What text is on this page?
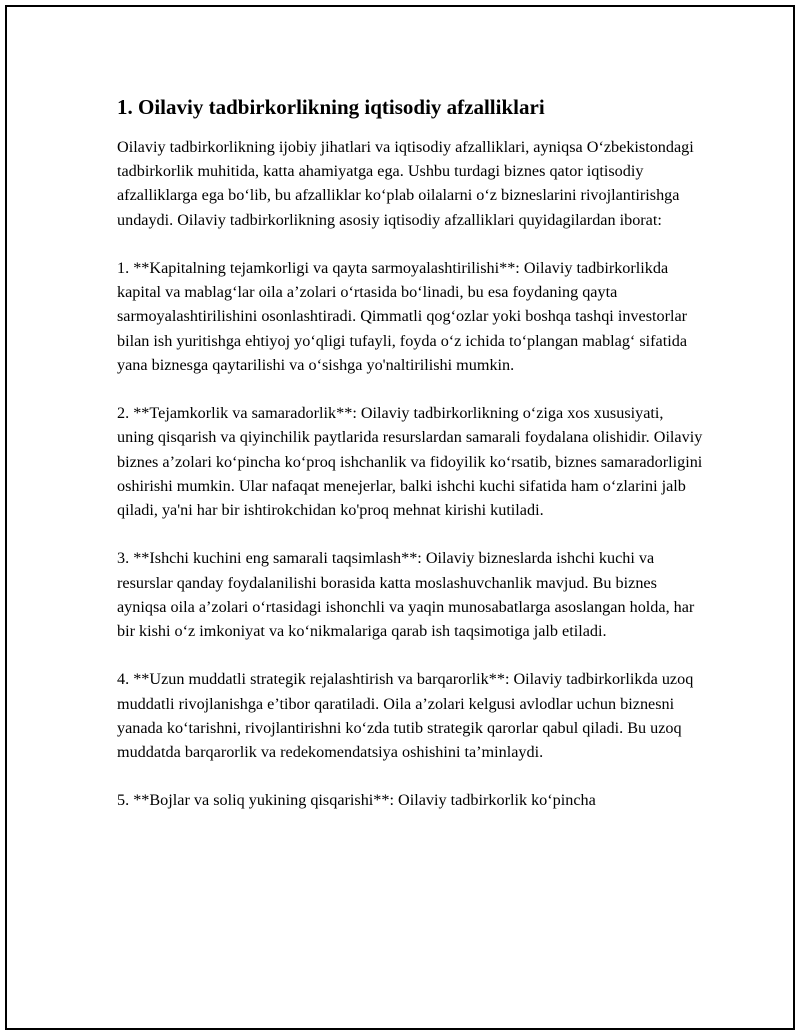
1. Oilaviy tadbirkorlikning iqtisodiy afzalliklari

Oilaviy tadbirkorlikning ijobiy jihatlari va iqtisodiy afzalliklari, ayniqsa O‘zbekistondagi tadbirkorlik muhitida, katta ahamiyatga ega. Ushbu turdagi biznes qator iqtisodiy afzalliklarga ega bo‘lib, bu afzalliklar ko‘plab oilalarni o‘z bizneslarini rivojlantirishga undaydi. Oilaviy tadbirkorlikning asosiy iqtisodiy afzalliklari quyidagilardan iborat:

1. **Kapitalning tejamkorligi va qayta sarmoyalashtirilishi**: Oilaviy tadbirkorlikda kapital va mablag‘lar oila a’zolari o‘rtasida bo‘linadi, bu esa foydaning qayta sarmoyalashtirilishini osonlashtiradi. Qimmatli qog‘ozlar yoki boshqa tashqi investorlar bilan ish yuritishga ehtiyoj yo‘qligi tufayli, foyda o‘z ichida to‘plangan mablag‘ sifatida yana biznesga qaytarilishi va o‘sishga yo'naltirilishi mumkin.

2. **Tejamkorlik va samaradorlik**: Oilaviy tadbirkorlikning o‘ziga xos xususiyati, uning qisqarish va qiyinchilik paytlarida resurslardan samarali foydalana olishidir. Oilaviy biznes a’zolari ko‘pincha ko‘proq ishchanlik va fidoyilik ko‘rsatib, biznes samaradorligini oshirishi mumkin. Ular nafaqat menejerlar, balki ishchi kuchi sifatida ham o‘zlarini jalb qiladi, ya'ni har bir ishtirokchidan ko'proq mehnat kirishi kutiladi.

3. **Ishchi kuchini eng samarali taqsimlash**: Oilaviy bizneslarda ishchi kuchi va resurslar qanday foydalanilishi borasida katta moslashuvchanlik mavjud. Bu biznes ayniqsa oila a’zolari o‘rtasidagi ishonchli va yaqin munosabatlarga asoslangan holda, har bir kishi o‘z imkoniyat va ko‘nikmalariga qarab ish taqsimotiga jalb etiladi.

4. **Uzun muddatli strategik rejalashtirish va barqarorlik**: Oilaviy tadbirkorlikda uzoq muddatli rivojlanishga e’tibor qaratiladi. Oila a’zolari kelgusi avlodlar uchun biznesni yanada ko‘tarishni, rivojlantirishni ko‘zda tutib strategik qarorlar qabul qiladi. Bu uzoq muddatda barqarorlik va redekomendatsiya oshishini ta’minlaydi.

5. **Bojlar va soliq yukining qisqarishi**: Oilaviy tadbirkorlik ko‘pincha
